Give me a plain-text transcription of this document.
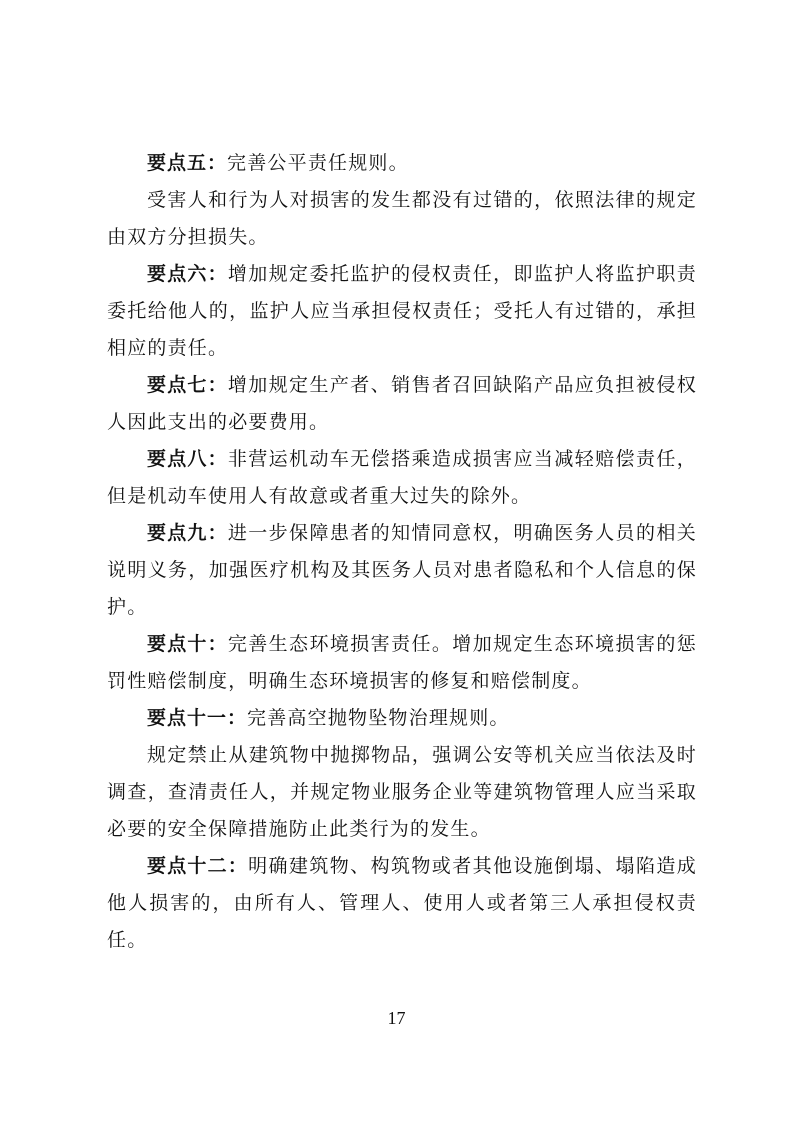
要点五：完善公平责任规则。

受害人和行为人对损害的发生都没有过错的，依照法律的规定由双方分担损失。

要点六：增加规定委托监护的侵权责任，即监护人将监护职责委托给他人的，监护人应当承担侵权责任；受托人有过错的，承担相应的责任。

要点七：增加规定生产者、销售者召回缺陷产品应负担被侵权人因此支出的必要费用。

要点八：非营运机动车无偿搭乘造成损害应当减轻赔偿责任，但是机动车使用人有故意或者重大过失的除外。

要点九：进一步保障患者的知情同意权，明确医务人员的相关说明义务，加强医疗机构及其医务人员对患者隐私和个人信息的保护。

要点十：完善生态环境损害责任。增加规定生态环境损害的惩罚性赔偿制度，明确生态环境损害的修复和赔偿制度。

要点十一：完善高空抛物坠物治理规则。

规定禁止从建筑物中抛掷物品，强调公安等机关应当依法及时调查，查清责任人，并规定物业服务企业等建筑物管理人应当采取必要的安全保障措施防止此类行为的发生。

要点十二：明确建筑物、构筑物或者其他设施倒塌、塌陷造成他人损害的，由所有人、管理人、使用人或者第三人承担侵权责任。

17
